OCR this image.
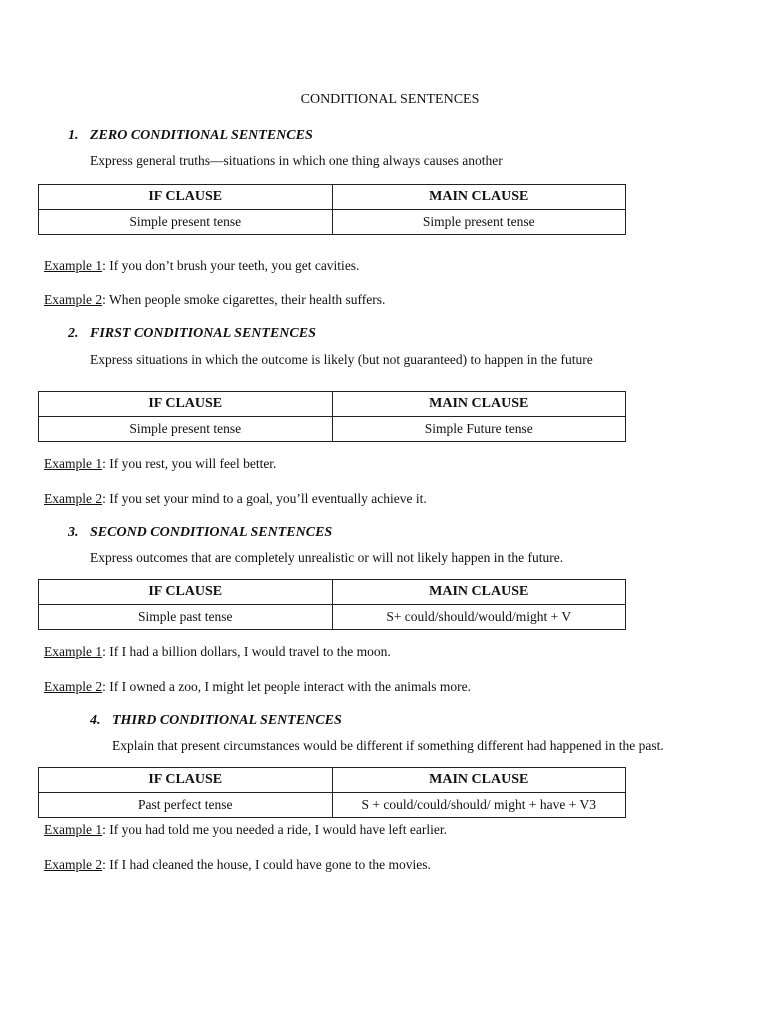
CONDITIONAL SENTENCES
1. ZERO CONDITIONAL SENTENCES
Express general truths—situations in which one thing always causes another
IF CLAUSE	MAIN CLAUSE
Simple present tense	Simple present tense
Example 1: If you don’t brush your teeth, you get cavities.
Example 2: When people smoke cigarettes, their health suffers.
2. FIRST CONDITIONAL SENTENCES
Express situations in which the outcome is likely (but not guaranteed) to happen in the future
IF CLAUSE	MAIN CLAUSE
Simple present tense	Simple Future tense
Example 1: If you rest, you will feel better.
Example 2: If you set your mind to a goal, you’ll eventually achieve it.
3. SECOND CONDITIONAL SENTENCES
Express outcomes that are completely unrealistic or will not likely happen in the future.
IF CLAUSE	MAIN CLAUSE
Simple past tense	S+ could/should/would/might + V
Example 1: If I had a billion dollars, I would travel to the moon.
Example 2: If I owned a zoo, I might let people interact with the animals more.
4. THIRD CONDITIONAL SENTENCES
Explain that present circumstances would be different if something different had happened in the past.
IF CLAUSE	MAIN CLAUSE
Past perfect tense	S + could/could/should/ might + have + V3
Example 1: If you had told me you needed a ride, I would have left earlier.
Example 2: If I had cleaned the house, I could have gone to the movies.
